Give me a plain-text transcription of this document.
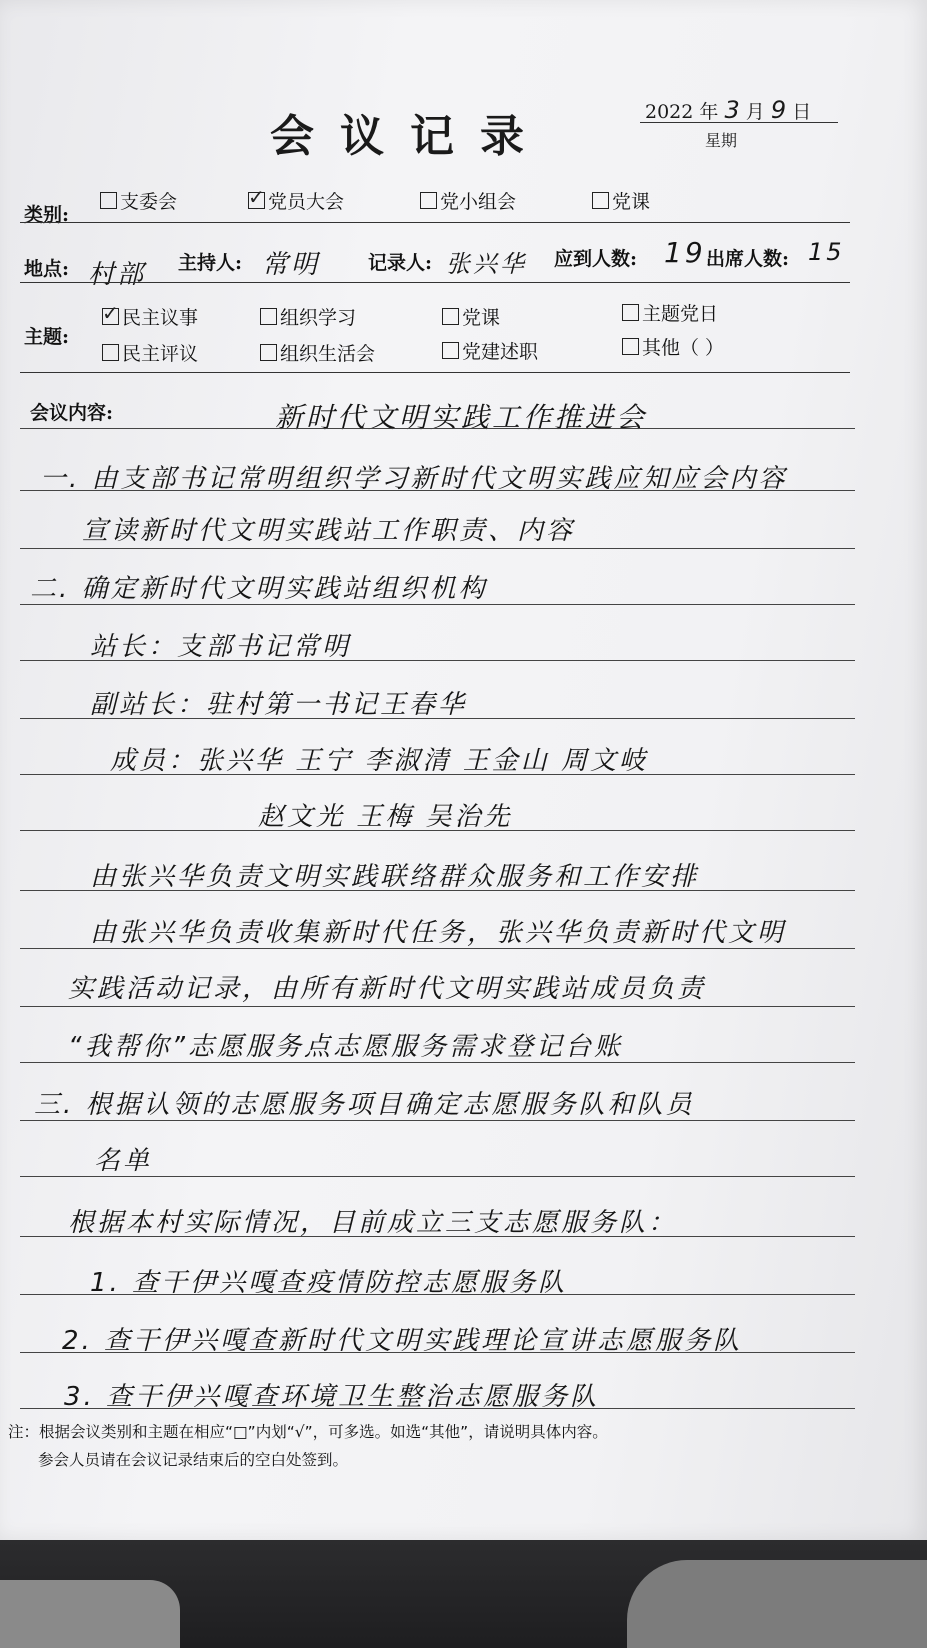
会议记录	2022 年 3 月 9 日
星期
类别:
支委会
✓	党员大会	党小组会	党课
地点: 村部 主持人: 常明	记录人: 张兴华 应到人数: 19 出席人数: 15
主题:
✓民主议事	组织学习	党课	主题党日
民主评议	组织生活会	党建述职	其他（ ）
会议内容:	新时代文明实践工作推进会
一. 由支部书记常明组织学习新时代文明实践应知应会内容
宣读新时代文明实践站工作职责、内容
二. 确定新时代文明实践站组织机构
站长：支部书记常明
副站长：驻村第一书记王春华
成员：张兴华 王宁 李淑清 王金山 周文岐
赵文光 王梅 吴治先
由张兴华负责文明实践联络群众服务和工作安排
由张兴华负责收集新时代任务，张兴华负责新时代文明
实践活动记录，由所有新时代文明实践站成员负责
“我帮你”志愿服务点志愿服务需求登记台账
三. 根据认领的志愿服务项目确定志愿服务队和队员
名单
根据本村实际情况，目前成立三支志愿服务队：
1. 查干伊兴嘎查疫情防控志愿服务队
2. 查干伊兴嘎查新时代文明实践理论宣讲志愿服务队
3. 查干伊兴嘎查环境卫生整治志愿服务队
注：根据会议类别和主题在相应“□”内划“√”，可多选。如选“其他”，请说明具体内容。
参会人员请在会议记录结束后的空白处签到。
